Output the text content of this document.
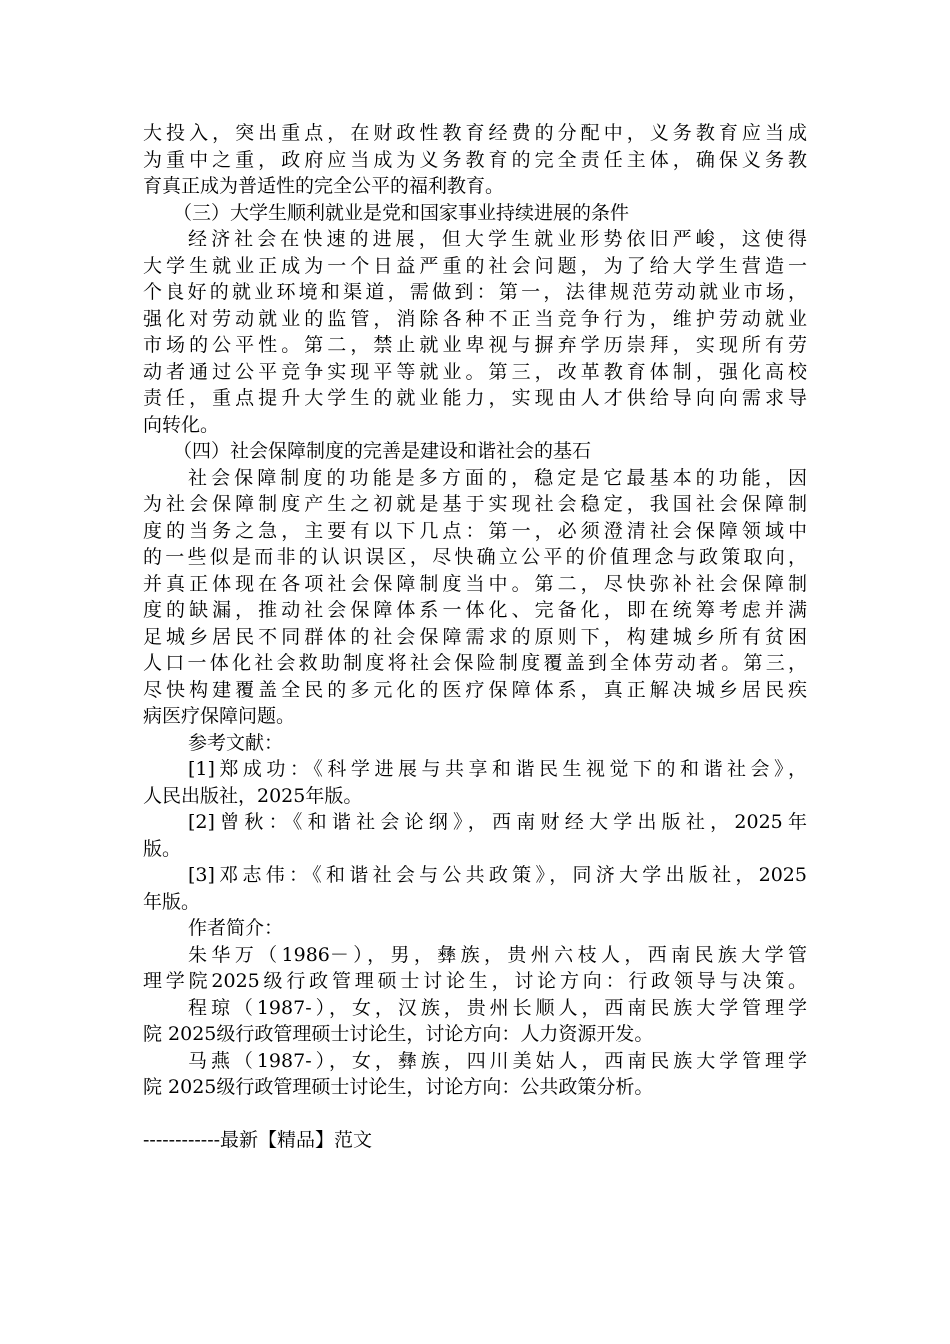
大投入，突出重点，在财政性教育经费的分配中，义务教育应当成
为重中之重，政府应当成为义务教育的完全责任主体，确保义务教
育真正成为普适性的完全公平的福利教育。
（三）大学生顺利就业是党和国家事业持续进展的条件
经济社会在快速的进展，但大学生就业形势依旧严峻，这使得
大学生就业正成为一个日益严重的社会问题，为了给大学生营造一
个良好的就业环境和渠道，需做到：第一，法律规范劳动就业市场，
强化对劳动就业的监管，消除各种不正当竞争行为，维护劳动就业
市场的公平性。第二，禁止就业卑视与摒弃学历崇拜，实现所有劳
动者通过公平竞争实现平等就业。第三，改革教育体制，强化高校
责任，重点提升大学生的就业能力，实现由人才供给导向向需求导
向转化。
（四）社会保障制度的完善是建设和谐社会的基石
社会保障制度的功能是多方面的，稳定是它最基本的功能，因
为社会保障制度产生之初就是基于实现社会稳定，我国社会保障制
度的当务之急，主要有以下几点：第一，必须澄清社会保障领域中
的一些似是而非的认识误区，尽快确立公平的价值理念与政策取向，
并真正体现在各项社会保障制度当中。第二，尽快弥补社会保障制
度的缺漏，推动社会保障体系一体化、完备化，即在统筹考虑并满
足城乡居民不同群体的社会保障需求的原则下，构建城乡所有贫困
人口一体化社会救助制度将社会保险制度覆盖到全体劳动者。第三，
尽快构建覆盖全民的多元化的医疗保障体系，真正解决城乡居民疾
病医疗保障问题。
参考文献：
[1]郑成功：《科学进展与共享和谐民生视觉下的和谐社会》，
人民出版社，2025年版。
[2]曾秋：《和谐社会论纲》，西南财经大学出版社，2025年
版。
[3]邓志伟：《和谐社会与公共政策》，同济大学出版社，2025
年版。
作者简介：
朱华万（1986－），男，彝族，贵州六枝人，西南民族大学管
理学院2025级行政管理硕士讨论生，讨论方向：行政领导与决策。
程琼（1987-），女，汉族，贵州长顺人，西南民族大学管理学
院 2025级行政管理硕士讨论生，讨论方向：人力资源开发。
马燕（1987-），女，彝族，四川美姑人，西南民族大学管理学
院 2025级行政管理硕士讨论生，讨论方向：公共政策分析。
------------最新【精品】范文
